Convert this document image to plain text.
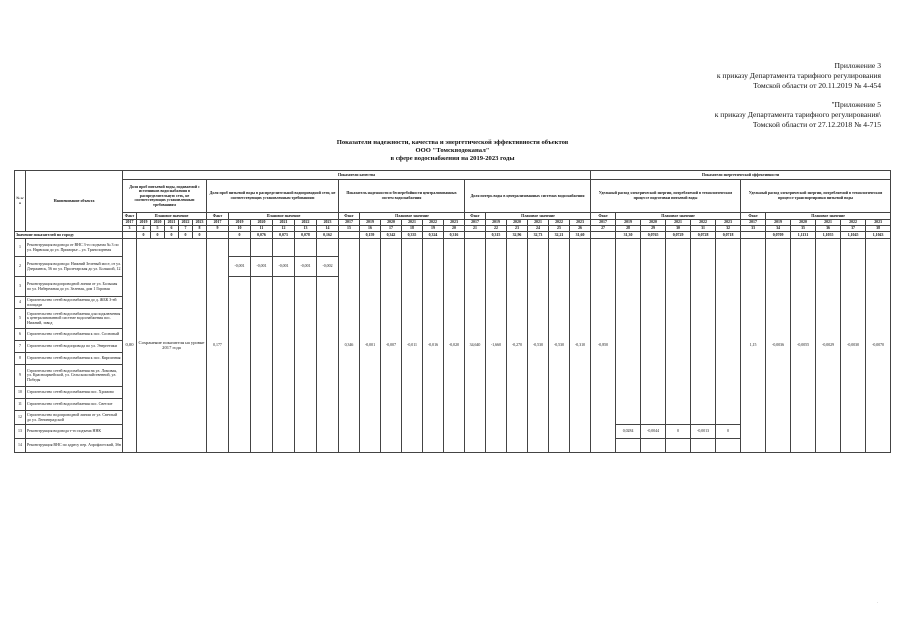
Приложение 3
к приказу Департамента тарифного регулирования
Томской области от 20.11.2019 № 4-454
"Приложение 5
к приказу Департамента тарифного регулирования\
Томской области от 27.12.2018 № 4-715
Показатели надежности, качества и энергетической эффективности объектов
ООО "Томскводоканал"
в сфере водоснабжения на 2019-2023 годы
№ п/п	Наименование объекта	Показатели качества																								Показатели энергетической эффективности											
		Доля проб питьевой воды, подаваемой с источников водоснабжения в распределительную сеть, не соответствующих установленным требованиям						Доля проб питьевой воды в распределительной водопроводной сети, не соответствующих установленным требованиям						Показатель надежности и бесперебойности централизованных систем водоснабжения						Доля потерь воды в централизованных системах водоснабжения						Удельный расход электрической энергии, потребляемой в технологическом процессе подготовки питьевой воды						Удельный расход электрической энергии, потребляемой в технологическом процессе транспортировки питьевой воды					
		Факт	Плановое значение					Факт	Плановое значение					Факт	Плановое значение					Факт	Плановое значение					Факт	Плановое значение					Факт	Плановое значение				
		2017	2019	2020	2021	2022	2023	2017	2019	2020	2021	2022	2023	2017	2019	2020	2021	2022	2023	2017	2019	2020	2021	2022	2023	2017	2019	2020	2021	2022	2023	2017	2019	2020	2021	2022	2023
		3	4	5	6	7	8	9	10	11	12	13	14	15	16	17	18	19	20	21	22	23	24	25	26	27	28	29	30	31	32	33	34	35	36	37	38
Значение показателей по городу			0	0	0	0	0		0	0,076	0,073	0,078	0,162		0,159	0,342	0,335	0,324	0,316		0,315	32,96	32,73	32,21	31,60		31,30	0,0765	0,0729	0,0728	0,0718		0,0709	1,1131	1,1055	1,1045	1,1043
1	Реконструкция водовода от ВНС 3-го подъема № 3 по ул. Нарвская до ул. Приморье – ул. Транспортная	0,00	Сохранение показателя на уровне 2017 года					0,177						0,346	-0,001	-0,007	-0,011	-0,016	-0,020	34,640	-1,660	-0,270	-0,530	-0,530	-0,310	-0,850						1,15	-0,0036	-0,0055	-0,0029	-0,0030	-0,0070
2	Реконструкция водовода: Нижний Зеленый мост, от ул. Дзержинск, 56 по ул. Пролетарская до ул. Большой, 12								-0,001	-0,001	-0,001	-0,001	-0,002																								
3	Реконструкция водопроводной линии от ул. Большая по ул. Набережная до ул. Зеленая, дом 1 Горовая																																				
4	Строительство сетей водоснабжения до д. ЖБК 3-ей площади																																				
5	Строительство сетей водоснабжения для подключения к централизованной системе водоснабжения пос. Нижний, завод																																				
6	Строительство сетей водоснабжения к пос. Сосновый																																				
7	Строительство сетей водопровода по ул. Энергетики																																				
8	Строительство сетей водоснабжения к пос. Кирпичная																																				
9	Строительство сетей водоснабжения на ул. Ломовая, ул. Красноармейской, ул. Сельскохозяйственной, ул. Победы																																				
10	Строительство сетей водоснабжения пос. Хромово																																				
11	Строительство сетей водоснабжения пос. Светлое																																				
12	Строительство водопроводной линии от ул. Светлый до ул. Ленинградской																																				
13	Реконструкция водовода т-го подъема ННК																										0,0284	-0,0044	0	-0,0013	0						
14	Реконструкция ВНС по адресу пер. Аэрофлотский, 3бв																																				
.
